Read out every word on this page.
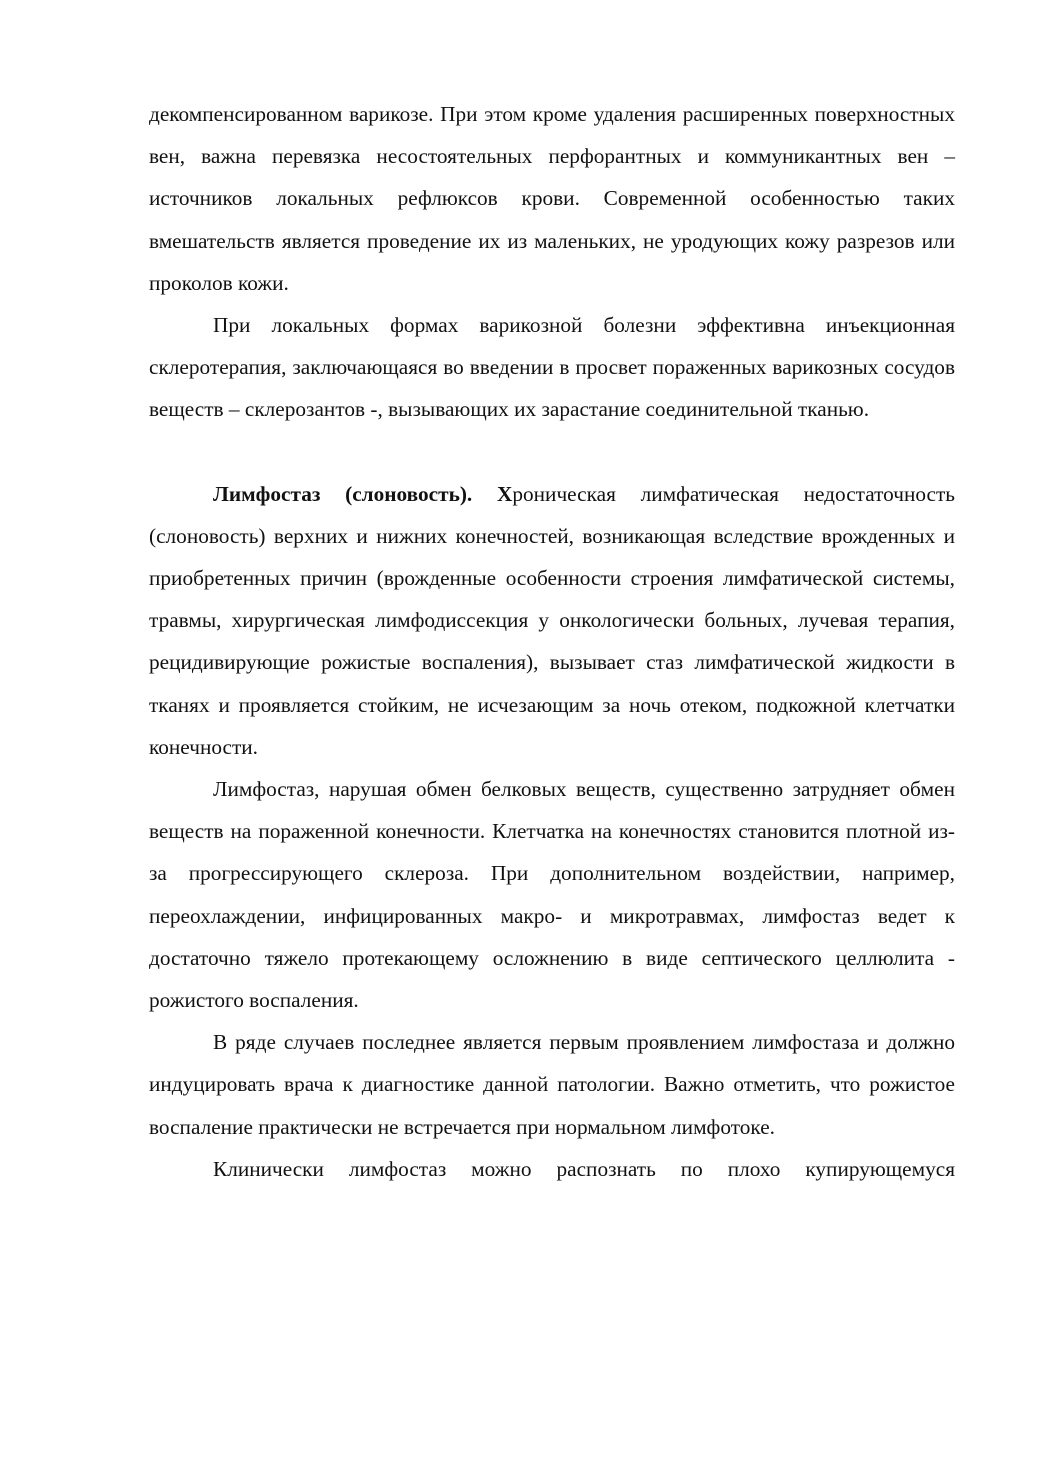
декомпенсированном варикозе. При этом кроме удаления расширенных поверхностных вен, важна перевязка несостоятельных перфорантных и коммуникантных вен – источников локальных рефлюксов крови. Современной особенностью таких вмешательств является проведение их из маленьких, не уродующих кожу разрезов или проколов кожи.

При локальных формах варикозной болезни эффективна инъекционная склеротерапия, заключающаяся во введении в просвет пораженных варикозных сосудов веществ – склерозантов -, вызывающих их зарастание соединительной тканью.

Лимфостаз (слоновость). Хроническая лимфатическая недостаточность (слоновость) верхних и нижних конечностей, возникающая вследствие врожденных и приобретенных причин (врожденные особенности строения лимфатической системы, травмы, хирургическая лимфодиссекция у онкологически больных, лучевая терапия, рецидивирующие рожистые воспаления), вызывает стаз лимфатической жидкости в тканях и проявляется стойким, не исчезающим за ночь отеком, подкожной клетчатки конечности.

Лимфостаз, нарушая обмен белковых веществ, существенно затрудняет обмен веществ на пораженной конечности. Клетчатка на конечностях становится плотной из-за прогрессирующего склероза. При дополнительном воздействии, например, переохлаждении, инфицированных макро- и микротравмах, лимфостаз ведет к достаточно тяжело протекающему осложнению в виде септического целлюлита - рожистого воспаления.

В ряде случаев последнее является первым проявлением лимфостаза и должно индуцировать врача к диагностике данной патологии. Важно отметить, что рожистое воспаление практически не встречается при нормальном лимфотоке.

Клинически лимфостаз можно распознать по плохо купирующемуся
